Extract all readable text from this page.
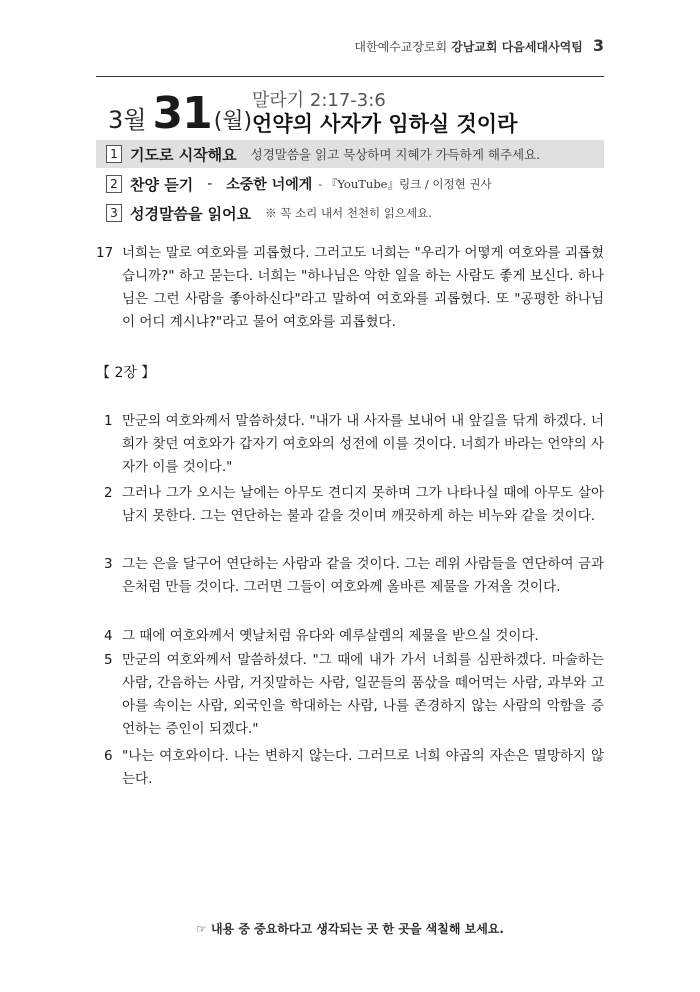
대한예수교장로회 강남교회 다음세대사역팀 3
3월 31 (월)
말라기 2:17-3:6
언약의 사자가 임하실 것이라
1 기도로 시작해요 성경말씀을 읽고 묵상하며 지혜가 가득하게 해주세요.
2 찬양 듣기 - 소중한 너에게 - 『YouTube』링크 / 이정현 권사
3 성경말씀을 읽어요 ※ 꼭 소리 내서 천천히 읽으세요.
17 너희는 말로 여호와를 괴롭혔다. 그러고도 너희는 "우리가 어떻게 여호와를 괴롭혔습니까?" 하고 묻는다. 너희는 "하나님은 악한 일을 하는 사람도 좋게 보신다. 하나님은 그런 사람을 좋아하신다"라고 말하여 여호와를 괴롭혔다. 또 "공평한 하나님이 어디 계시냐?"라고 물어 여호와를 괴롭혔다.
【 2장 】
1 만군의 여호와께서 말씀하셨다. "내가 내 사자를 보내어 내 앞길을 닦게 하겠다. 너희가 찾던 여호와가 갑자기 여호와의 성전에 이를 것이다. 너희가 바라는 언약의 사자가 이를 것이다."
2 그러나 그가 오시는 날에는 아무도 견디지 못하며 그가 나타나실 때에 아무도 살아 남지 못한다. 그는 연단하는 불과 같을 것이며 깨끗하게 하는 비누와 같을 것이다.
3 그는 은을 달구어 연단하는 사람과 같을 것이다. 그는 레위 사람들을 연단하여 금과 은처럼 만들 것이다. 그러면 그들이 여호와께 올바른 제물을 가져올 것이다.
4 그 때에 여호와께서 옛날처럼 유다와 예루살렘의 제물을 받으실 것이다.
5 만군의 여호와께서 말씀하셨다. "그 때에 내가 가서 너희를 심판하겠다. 마술하는 사람, 간음하는 사람, 거짓말하는 사람, 일꾼들의 품삯을 떼어먹는 사람, 과부와 고아를 속이는 사람, 외국인을 학대하는 사람, 나를 존경하지 않는 사람의 악함을 증언하는 증인이 되겠다."
6 "나는 여호와이다. 나는 변하지 않는다. 그러므로 너희 야곱의 자손은 멸망하지 않는다.
☞ 내용 중 중요하다고 생각되는 곳 한 곳을 색칠해 보세요.
